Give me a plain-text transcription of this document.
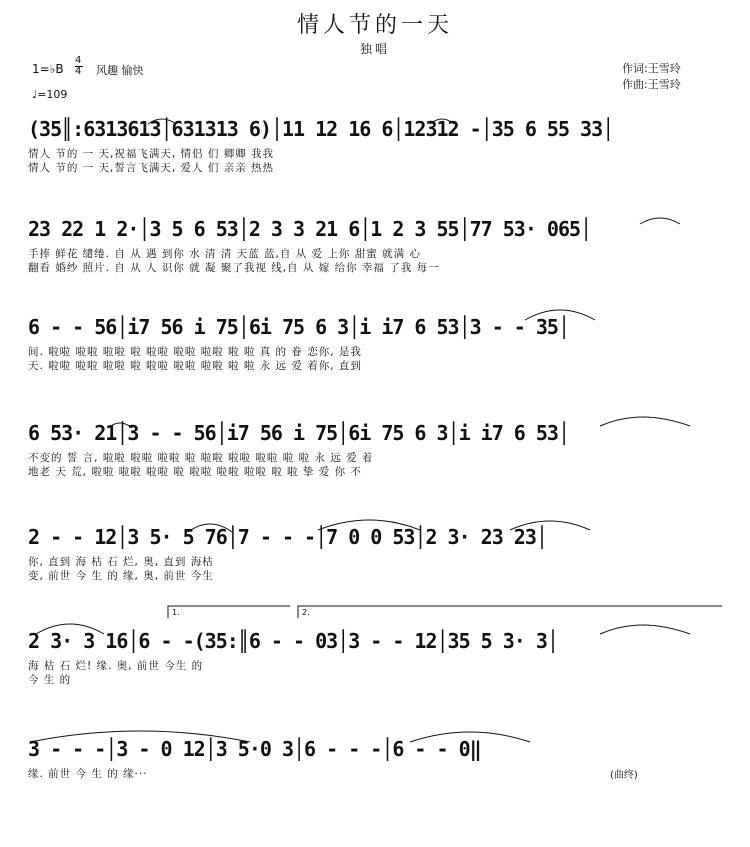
情人节的一天
独唱
1=♭B
4
4 风趣 愉快
♩=109
作词:王雪玲
作曲:王雪玲
(35║:6313613│631313 6)│11 12 16 6│12312 -│35 6 55 33│
情人 节的 一 天,祝福飞满天, 情侣 们 卿卿 我我
情人 节的 一 天,誓言飞满天, 爱人 们 亲亲 热热
23 22 1 2·│3 5 6 53│2 3 3 21 6│1 2 3 55│77 53· 065│
手捧 鲜花 缱绻. 自 从 遇 到你 水 清 清 天蓝 蓝,自 从 爱 上你 甜蜜 就满 心
翻看 婚纱 照片. 自 从 人 识你 就 凝 聚了我视 线,自 从 嫁 给你 幸福 了我 每一
6 - - 56│i7 56 i 75│6i 75 6 3│i i7 6 53│3 - - 35│
间. 啦啦 啦啦 啦啦 啦 啦啦 啦啦 啦啦 啦 啦 真 的 眷 恋你, 是我
天. 啦啦 啦啦 啦啦 啦 啦啦 啦啦 啦啦 啦 啦 永 远 爱 着你, 直到
6 53· 21│3 - - 56│i7 56 i 75│6i 75 6 3│i i7 6 53│
不变的 誓 言, 啦啦 啦啦 啦啦 啦 啦啦 啦啦 啦啦 啦 啦 永 远 爱 着
地老 天 荒, 啦啦 啦啦 啦啦 啦 啦啦 啦啦 啦啦 啦 啦 挚 爱 你 不
2 - - 12│3 5· 5 76│7 - - -│7 0 0 53│2 3· 23 23│
你, 直到 海 枯 石 烂, 奥, 直到 海枯
变, 前世 今 生 的 缘, 奥, 前世 今生
1.	2.
2 3· 3 16│6 - -(35:║6 - - 03│3 - - 12│35 5 3· 3│
海 枯 石 烂! 缘. 奥, 前世 今生 的
今 生 的
3 - - -│3 - 0 12│3 5·0 3│6 - - -│6 - - 0‖
缘. 前世 今 生 的 缘···	(曲终)
